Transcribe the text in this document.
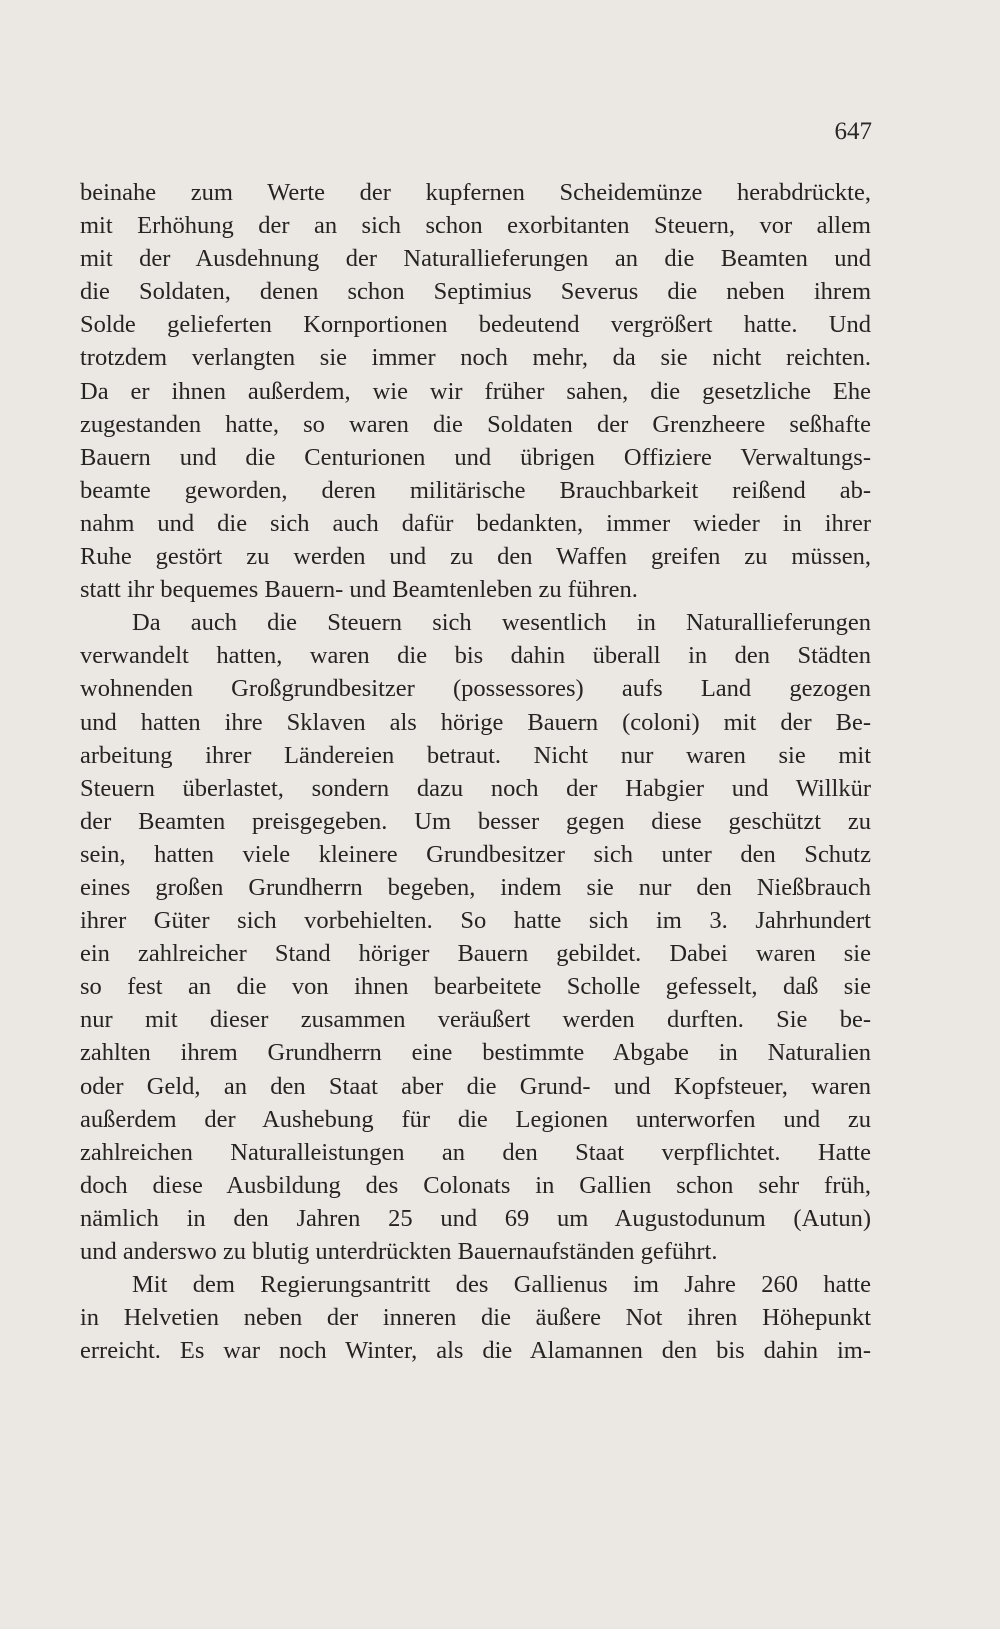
647
beinahe zum Werte der kupfernen Scheidemünze herabdrückte,
mit Erhöhung der an sich schon exorbitanten Steuern, vor allem
mit der Ausdehnung der Naturallieferungen an die Beamten und
die Soldaten, denen schon Septimius Severus die neben ihrem
Solde gelieferten Kornportionen bedeutend vergrößert hatte. Und
trotzdem verlangten sie immer noch mehr, da sie nicht reichten.
Da er ihnen außerdem, wie wir früher sahen, die gesetzliche Ehe
zugestanden hatte, so waren die Soldaten der Grenzheere seßhafte
Bauern und die Centurionen und übrigen Offiziere Verwaltungs-
beamte geworden, deren militärische Brauchbarkeit reißend ab-
nahm und die sich auch dafür bedankten, immer wieder in ihrer
Ruhe gestört zu werden und zu den Waffen greifen zu müssen,
statt ihr bequemes Bauern- und Beamtenleben zu führen.
Da auch die Steuern sich wesentlich in Naturallieferungen
verwandelt hatten, waren die bis dahin überall in den Städten
wohnenden Großgrundbesitzer (possessores) aufs Land gezogen
und hatten ihre Sklaven als hörige Bauern (coloni) mit der Be-
arbeitung ihrer Ländereien betraut. Nicht nur waren sie mit
Steuern überlastet, sondern dazu noch der Habgier und Willkür
der Beamten preisgegeben. Um besser gegen diese geschützt zu
sein, hatten viele kleinere Grundbesitzer sich unter den Schutz
eines großen Grundherrn begeben, indem sie nur den Nießbrauch
ihrer Güter sich vorbehielten. So hatte sich im 3. Jahrhundert
ein zahlreicher Stand höriger Bauern gebildet. Dabei waren sie
so fest an die von ihnen bearbeitete Scholle gefesselt, daß sie
nur mit dieser zusammen veräußert werden durften. Sie be-
zahlten ihrem Grundherrn eine bestimmte Abgabe in Naturalien
oder Geld, an den Staat aber die Grund- und Kopfsteuer, waren
außerdem der Aushebung für die Legionen unterworfen und zu
zahlreichen Naturalleistungen an den Staat verpflichtet. Hatte
doch diese Ausbildung des Colonats in Gallien schon sehr früh,
nämlich in den Jahren 25 und 69 um Augustodunum (Autun)
und anderswo zu blutig unterdrückten Bauernaufständen geführt.
Mit dem Regierungsantritt des Gallienus im Jahre 260 hatte
in Helvetien neben der inneren die äußere Not ihren Höhepunkt
erreicht. Es war noch Winter, als die Alamannen den bis dahin im-
